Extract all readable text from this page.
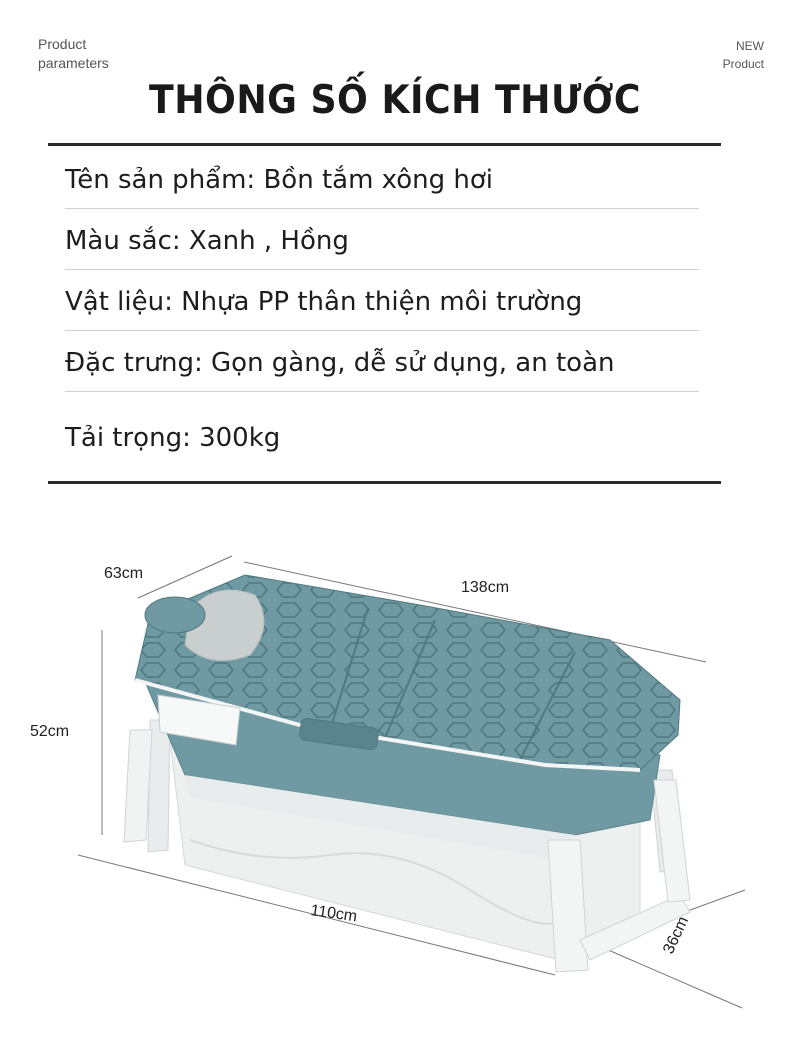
Product
parameters
NEW
Product
THÔNG SỐ KÍCH THƯỚC
Tên sản phẩm: Bồn tắm xông hơi
Màu sắc: Xanh , Hồng
Vật liệu: Nhựa PP thân thiện môi trường
Đặc trưng: Gọn gàng, dễ sử dụng, an toàn
Tải trọng: 300kg
63cm
138cm
52cm
110cm
36cm
